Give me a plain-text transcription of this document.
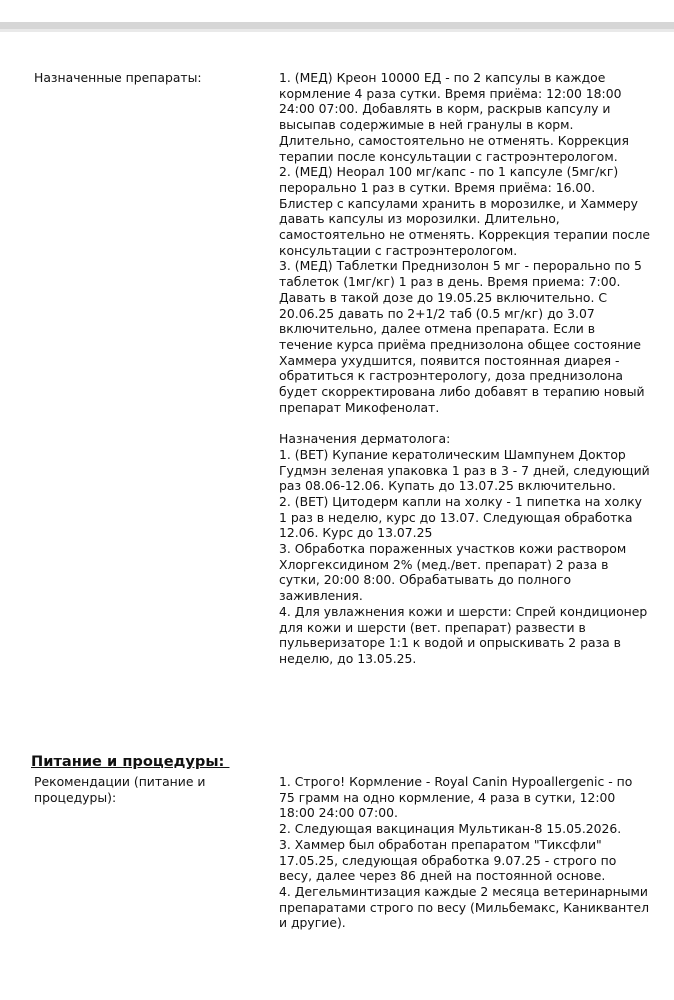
Назначенные препараты:	1. (МЕД) Креон 10000 ЕД - по 2 капсулы в каждое кормление 4 раза сутки. Время приёма: 12:00 18:00 24:00 07:00. Добавлять в корм, раскрыв капсулу и высыпав содержимые в ней гранулы в корм. Длительно, самостоятельно не отменять. Коррекция терапии после консультации с гастроэнтерологом.

2. (МЕД) Неорал 100 мг/капс - по 1 капсуле (5мг/кг) перорально 1 раз в сутки. Время приёма: 16.00. Блистер с капсулами хранить в морозилке, и Хаммеру давать капсулы из морозилки. Длительно, самостоятельно не отменять. Коррекция терапии после консультации с гастроэнтерологом.

3. (МЕД) Таблетки Преднизолон 5 мг - перорально по 5 таблеток (1мг/кг) 1 раз в день. Время приема: 7:00. Давать в такой дозе до 19.05.25 включительно. С 20.06.25 давать по 2+1/2 таб (0.5 мг/кг) до 3.07 включительно, далее отмена препарата. Если в течение курса приёма преднизолона общее состояние Хаммера ухудшится, появится постоянная диарея - обратиться к гастроэнтерологу, доза преднизолона будет скорректирована либо добавят в терапию новый препарат Микофенолат.

Назначения дерматолога:

1. (ВЕТ) Купание кератолическим Шампунем Доктор Гудмэн зеленая упаковка 1 раз в 3 - 7 дней, следующий раз 08.06-12.06. Купать до 13.07.25 включительно.

2. (ВЕТ) Цитодерм капли на холку - 1 пипетка на холку 1 раз в неделю, курс до 13.07. Следующая обработка 12.06. Курс до 13.07.25

3. Обработка пораженных участков кожи раствором Хлоргексидином 2% (мед./вет. препарат) 2 раза в сутки, 20:00 8:00. Обрабатывать до полного заживления.

4. Для увлажнения кожи и шерсти: Спрей кондиционер для кожи и шерсти (вет. препарат) развести в пульверизаторе 1:1 к водой и опрыскивать 2 раза в неделю, до 13.05.25.

Питание и процедуры:
Рекомендации (питание и процедуры):

1. Строго! Кормление - Royal Canin Hypoallergenic - по 75 грамм на одно кормление, 4 раза в сутки, 12:00 18:00 24:00 07:00.

2. Следующая вакцинация Мультикан-8 15.05.2026.

3. Хаммер был обработан препаратом "Тиксфли" 17.05.25, следующая обработка 9.07.25 - строго по весу, далее через 86 дней на постоянной основе.

4. Дегельминтизация каждые 2 месяца ветеринарными препаратами строго по весу (Мильбемакс, Каниквантел и другие).
